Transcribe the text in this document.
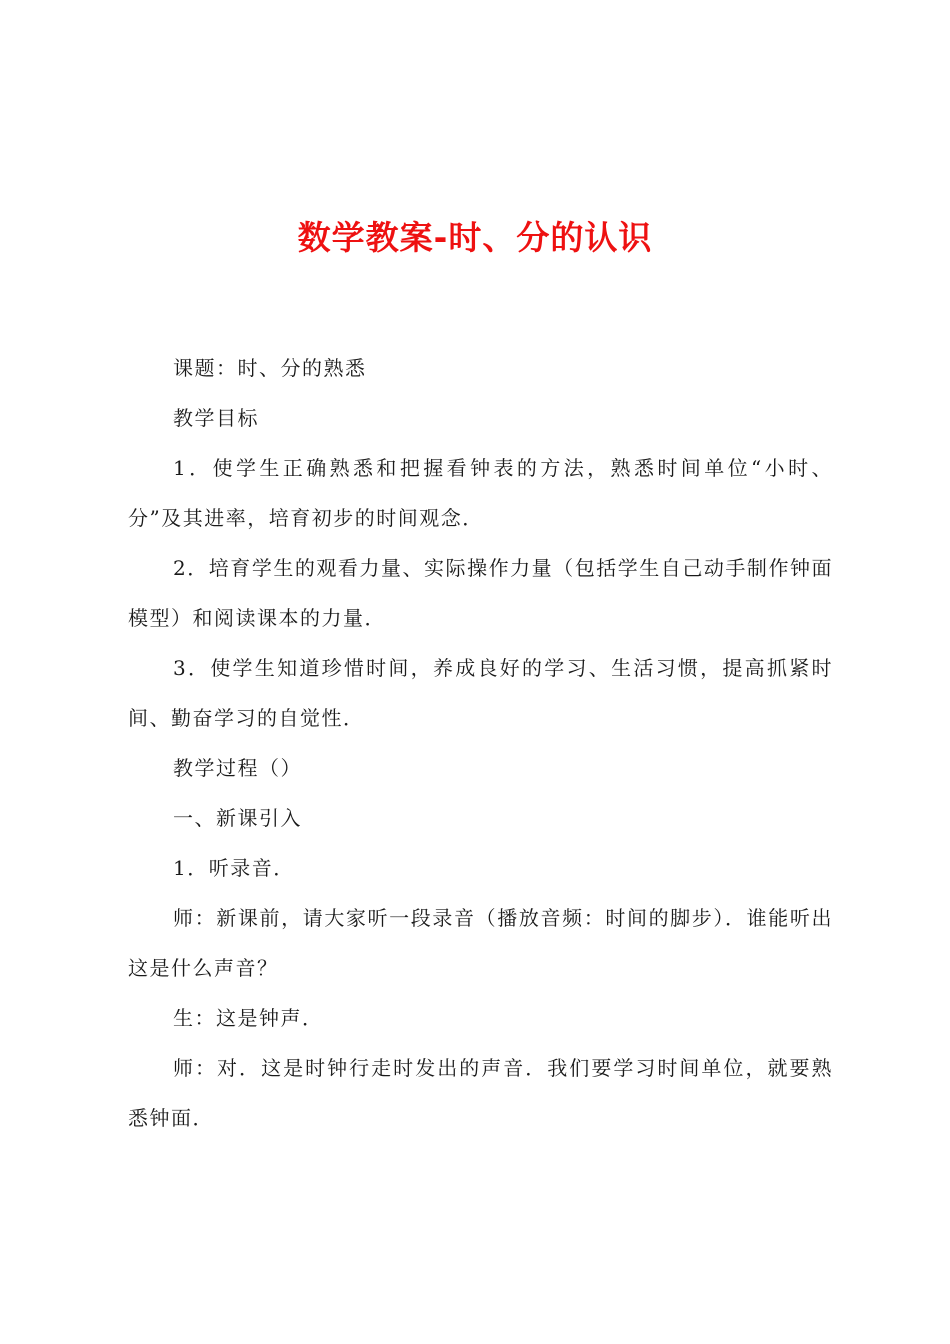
数学教案-时、分的认识

课题：时、分的熟悉

教学目标

1．使学生正确熟悉和把握看钟表的方法，熟悉时间单位“小时、分”及其进率，培育初步的时间观念．

2．培育学生的观看力量、实际操作力量（包括学生自己动手制作钟面模型）和阅读课本的力量．

3．使学生知道珍惜时间，养成良好的学习、生活习惯，提高抓紧时间、勤奋学习的自觉性．

教学过程（）

一、新课引入

1．听录音．

师：新课前，请大家听一段录音（播放音频：时间的脚步）．谁能听出这是什么声音？

生：这是钟声．

师：对．这是时钟行走时发出的声音．我们要学习时间单位，就要熟悉钟面．
